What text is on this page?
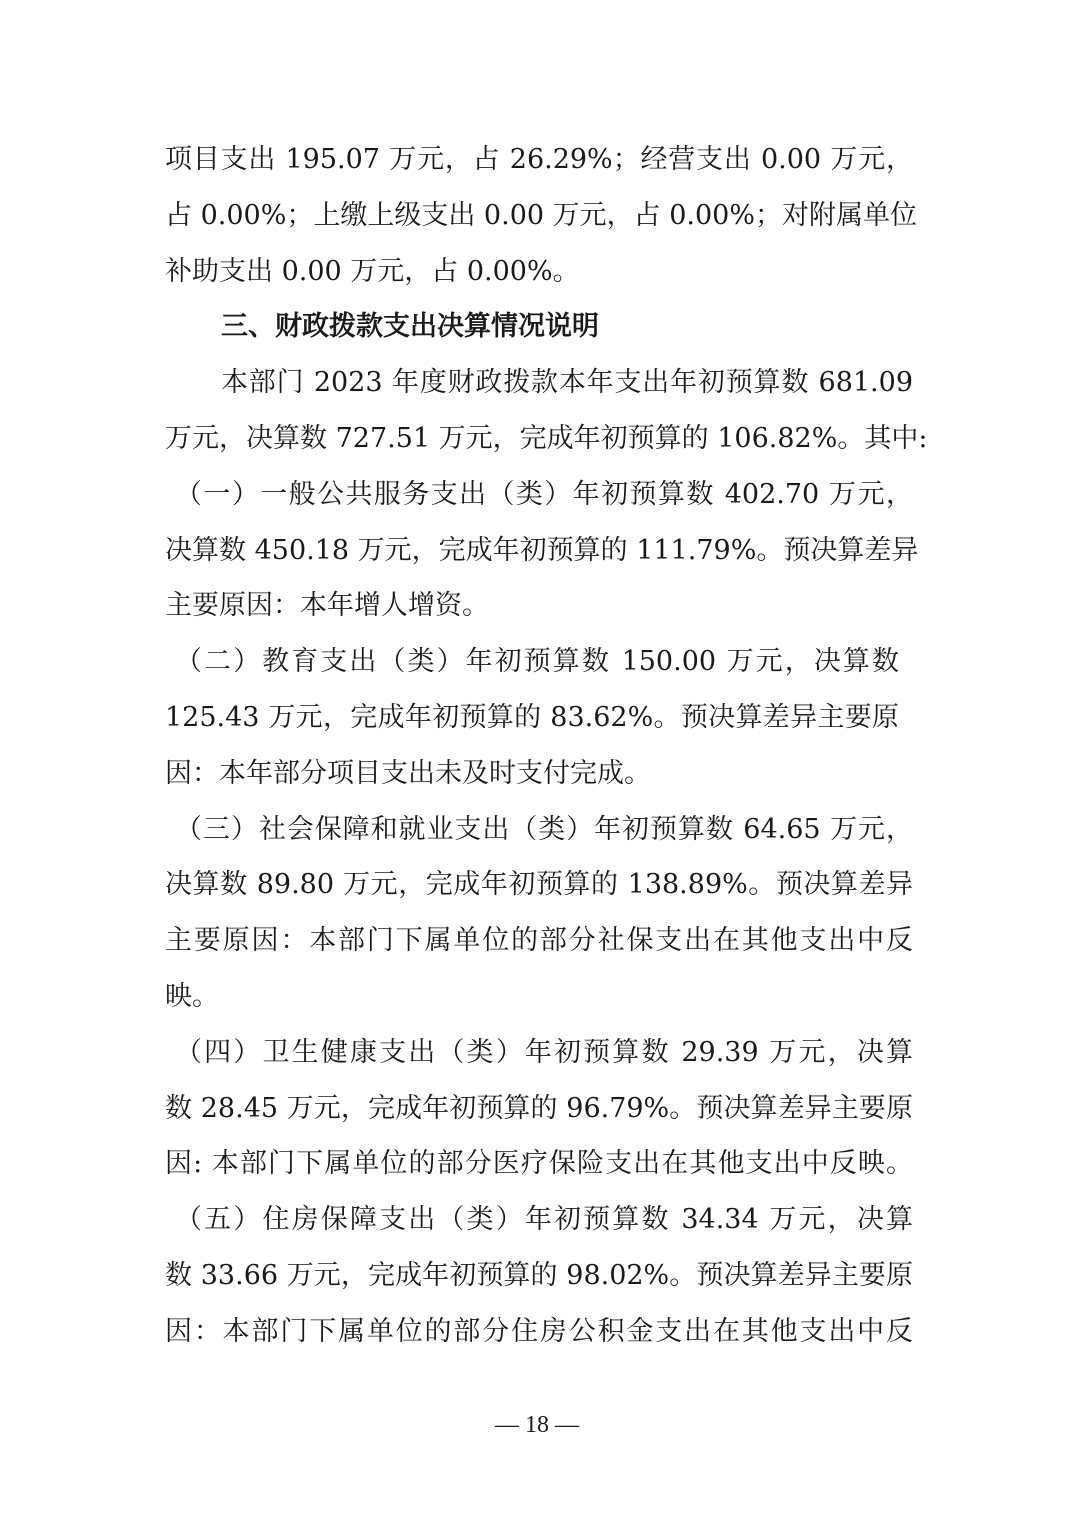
项目支出 195.07 万元，占 26.29%；经营支出 0.00 万元，
占 0.00%；上缴上级支出 0.00 万元，占 0.00%；对附属单位
补助支出 0.00 万元，占 0.00%。
三、财政拨款支出决算情况说明
本部门 2023 年度财政拨款本年支出年初预算数 681.09
万元，决算数 727.51 万元，完成年初预算的 106.82%。其中:
（一）一般公共服务支出（类）年初预算数 402.70 万元，
决算数 450.18 万元，完成年初预算的 111.79%。预决算差异
主要原因：本年增人增资。
（二）教育支出（类）年初预算数 150.00 万元，决算数
125.43 万元，完成年初预算的 83.62%。预决算差异主要原
因：本年部分项目支出未及时支付完成。
（三）社会保障和就业支出（类）年初预算数 64.65 万元，
决算数 89.80 万元，完成年初预算的 138.89%。预决算差异
主要原因：本部门下属单位的部分社保支出在其他支出中反
映。
（四）卫生健康支出（类）年初预算数 29.39 万元，决算
数 28.45 万元，完成年初预算的 96.79%。预决算差异主要原
因: 本部门下属单位的部分医疗保险支出在其他支出中反映。
（五）住房保障支出（类）年初预算数 34.34 万元，决算
数 33.66 万元，完成年初预算的 98.02%。预决算差异主要原
因：本部门下属单位的部分住房公积金支出在其他支出中反
— 18 —
